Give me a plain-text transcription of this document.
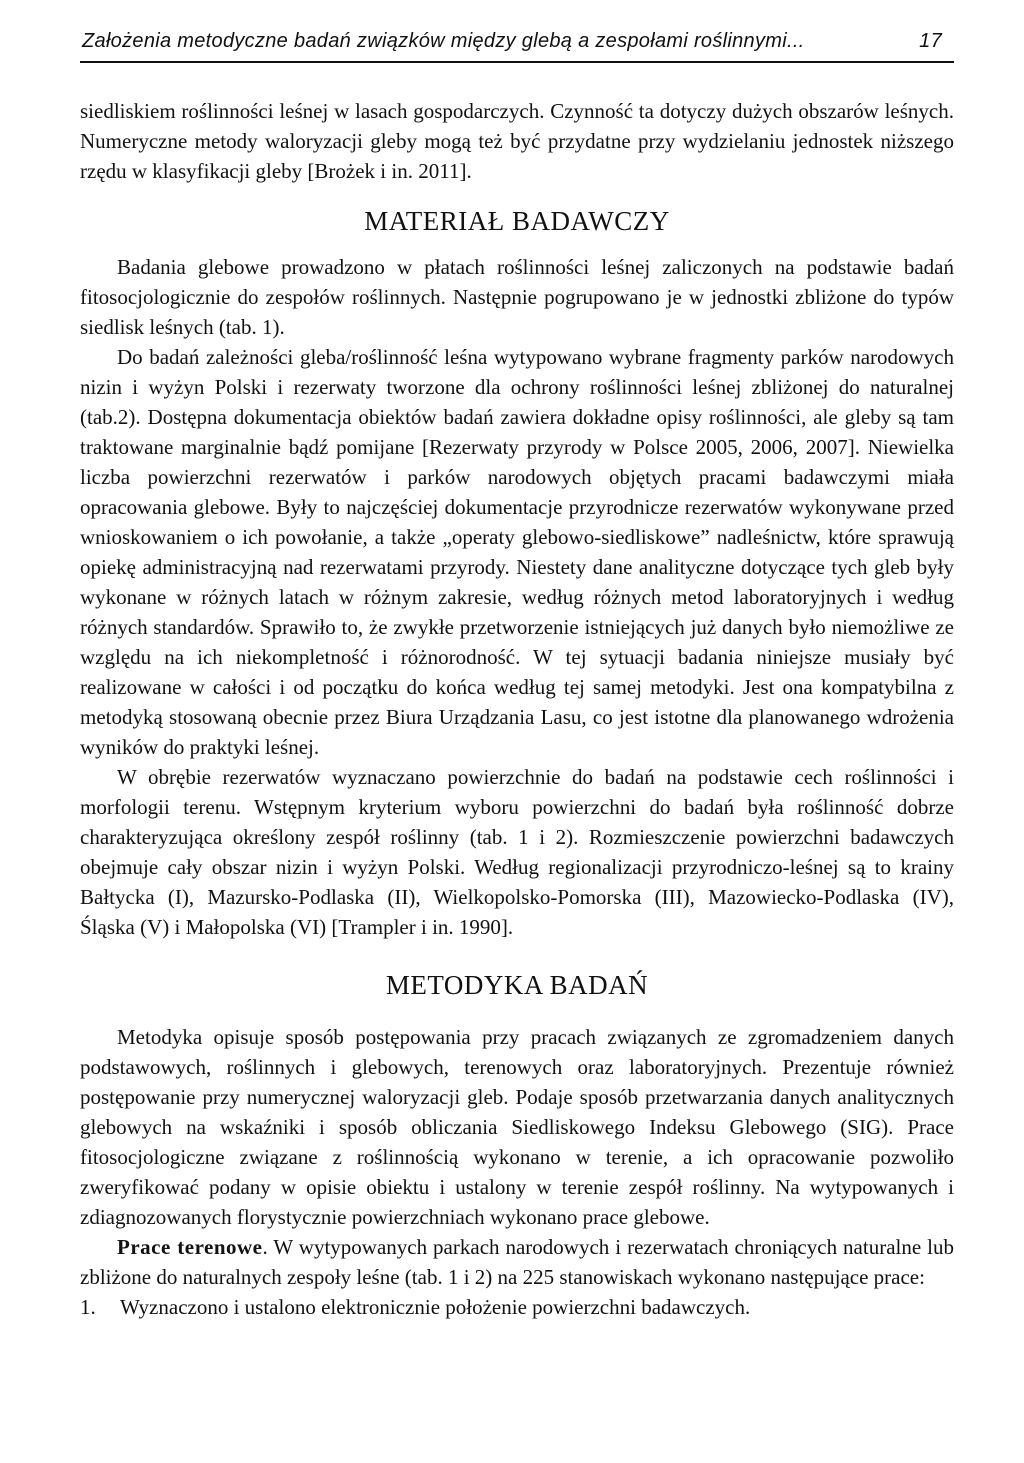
Założenia metodyczne badań związków między glebą a zespołami roślinnymi...	17

siedliskiem roślinności leśnej w lasach gospodarczych. Czynność ta dotyczy dużych obszarów leśnych. Numeryczne metody waloryzacji gleby mogą też być przydatne przy wydzielaniu jednostek niższego rzędu w klasyfikacji gleby [Brożek i in. 2011].

MATERIAŁ BADAWCZY

Badania glebowe prowadzono w płatach roślinności leśnej zaliczonych na podstawie badań fitosocjologicznie do zespołów roślinnych. Następnie pogrupowano je w jednostki zbliżone do typów siedlisk leśnych (tab. 1).

Do badań zależności gleba/roślinność leśna wytypowano wybrane fragmenty parków narodowych nizin i wyżyn Polski i rezerwaty tworzone dla ochrony roślinności leśnej zbliżonej do naturalnej (tab.2). Dostępna dokumentacja obiektów badań zawiera dokładne opisy roślinności, ale gleby są tam traktowane marginalnie bądź pomijane [Rezerwaty przyrody w Polsce 2005, 2006, 2007]. Niewielka liczba powierzchni rezerwatów i parków narodowych objętych pracami badawczymi miała opracowania glebowe. Były to najczęściej dokumentacje przyrodnicze rezerwatów wykonywane przed wnioskowaniem o ich powołanie, a także „operaty glebowo-siedliskowe” nadleśnictw, które sprawują opiekę administracyjną nad rezerwatami przyrody. Niestety dane analityczne dotyczące tych gleb były wykonane w różnych latach w różnym zakresie, według różnych metod laboratoryjnych i według różnych standardów. Sprawiło to, że zwykłe przetworzenie istniejących już danych było niemożliwe ze względu na ich niekompletność i różnorodność. W tej sytuacji badania niniejsze musiały być realizowane w całości i od początku do końca według tej samej metodyki. Jest ona kompatybilna z metodyką stosowaną obecnie przez Biura Urządzania Lasu, co jest istotne dla planowanego wdrożenia wyników do praktyki leśnej.

W obrębie rezerwatów wyznaczano powierzchnie do badań na podstawie cech roślinności i morfologii terenu. Wstępnym kryterium wyboru powierzchni do badań była roślinność dobrze charakteryzująca określony zespół roślinny (tab. 1 i 2). Rozmieszczenie powierzchni badawczych obejmuje cały obszar nizin i wyżyn Polski. Według regionalizacji przyrodniczo-leśnej są to krainy Bałtycka (I), Mazursko-Podlaska (II), Wielkopolsko-Pomorska (III), Mazowiecko-Podlaska (IV), Śląska (V) i Małopolska (VI) [Trampler i in. 1990].

METODYKA BADAŃ

Metodyka opisuje sposób postępowania przy pracach związanych ze zgromadzeniem danych podstawowych, roślinnych i glebowych, terenowych oraz laboratoryjnych. Prezentuje również postępowanie przy numerycznej waloryzacji gleb. Podaje sposób przetwarzania danych analitycznych glebowych na wskaźniki i sposób obliczania Siedliskowego Indeksu Glebowego (SIG). Prace fitosocjologiczne związane z roślinnością wykonano w terenie, a ich opracowanie pozwoliło zweryfikować podany w opisie obiektu i ustalony w terenie zespół roślinny. Na wytypowanych i zdiagnozowanych florystycznie powierzchniach wykonano prace glebowe.

Prace terenowe. W wytypowanych parkach narodowych i rezerwatach chroniących naturalne lub zbliżone do naturalnych zespoły leśne (tab. 1 i 2) na 225 stanowiskach wykonano następujące prace:

1.	Wyznaczono i ustalono elektronicznie położenie powierzchni badawczych.
